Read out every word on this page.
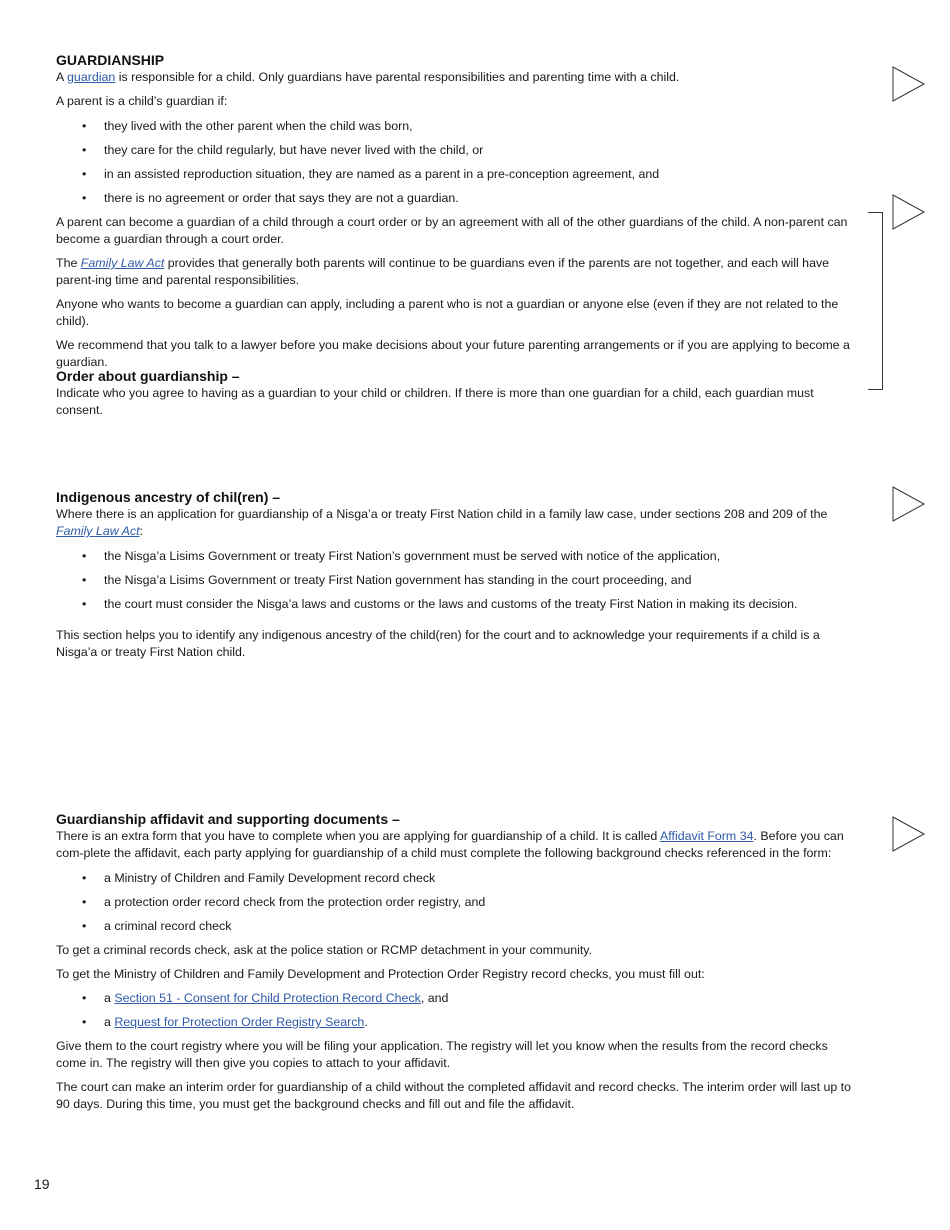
GUARDIANSHIP

A guardian is responsible for a child. Only guardians have parental responsibilities and parenting time with a child.

A parent is a child’s guardian if:

• they lived with the other parent when the child was born,
• they care for the child regularly, but have never lived with the child, or
• in an assisted reproduction situation, they are named as a parent in a pre-conception agreement, and
• there is no agreement or order that says they are not a guardian.

A parent can become a guardian of a child through a court order or by an agreement with all of the other guardians of the child. A non-parent can become a guardian through a court order.

The Family Law Act provides that generally both parents will continue to be guardians even if the parents are not together, and each will have parent-ing time and parental responsibilities.

Anyone who wants to become a guardian can apply, including a parent who is not a guardian or anyone else (even if they are not related to the child).

We recommend that you talk to a lawyer before you make decisions about your future parenting arrangements or if you are applying to become a guardian.

Order about guardianship –

Indicate who you agree to having as a guardian to your child or children. If there is more than one guardian for a child, each guardian must consent.

Indigenous ancestry of chil(ren) –

Where there is an application for guardianship of a Nisga’a or treaty First Nation child in a family law case, under sections 208 and 209 of the Family Law Act:

• the Nisga’a Lisims Government or treaty First Nation’s government must be served with notice of the application,
• the Nisga’a Lisims Government or treaty First Nation government has standing in the court proceeding, and
• the court must consider the Nisga’a laws and customs or the laws and customs of the treaty First Nation in making its decision.

This section helps you to identify any indigenous ancestry of the child(ren) for the court and to acknowledge your requirements if a child is a Nisga’a or treaty First Nation child.

Guardianship affidavit and supporting documents –

There is an extra form that you have to complete when you are applying for guardianship of a child. It is called Affidavit Form 34. Before you can com-plete the affidavit, each party applying for guardianship of a child must complete the following background checks referenced in the form:

• a Ministry of Children and Family Development record check
• a protection order record check from the protection order registry, and
• a criminal record check

To get a criminal records check, ask at the police station or RCMP detachment in your community.

To get the Ministry of Children and Family Development and Protection Order Registry record checks, you must fill out:

• a Section 51 - Consent for Child Protection Record Check, and
• a Request for Protection Order Registry Search.

Give them to the court registry where you will be filing your application. The registry will let you know when the results from the record checks come in. The registry will then give you copies to attach to your affidavit.

The court can make an interim order for guardianship of a child without the completed affidavit and record checks. The interim order will last up to 90 days. During this time, you must get the background checks and fill out and file the affidavit.

19
